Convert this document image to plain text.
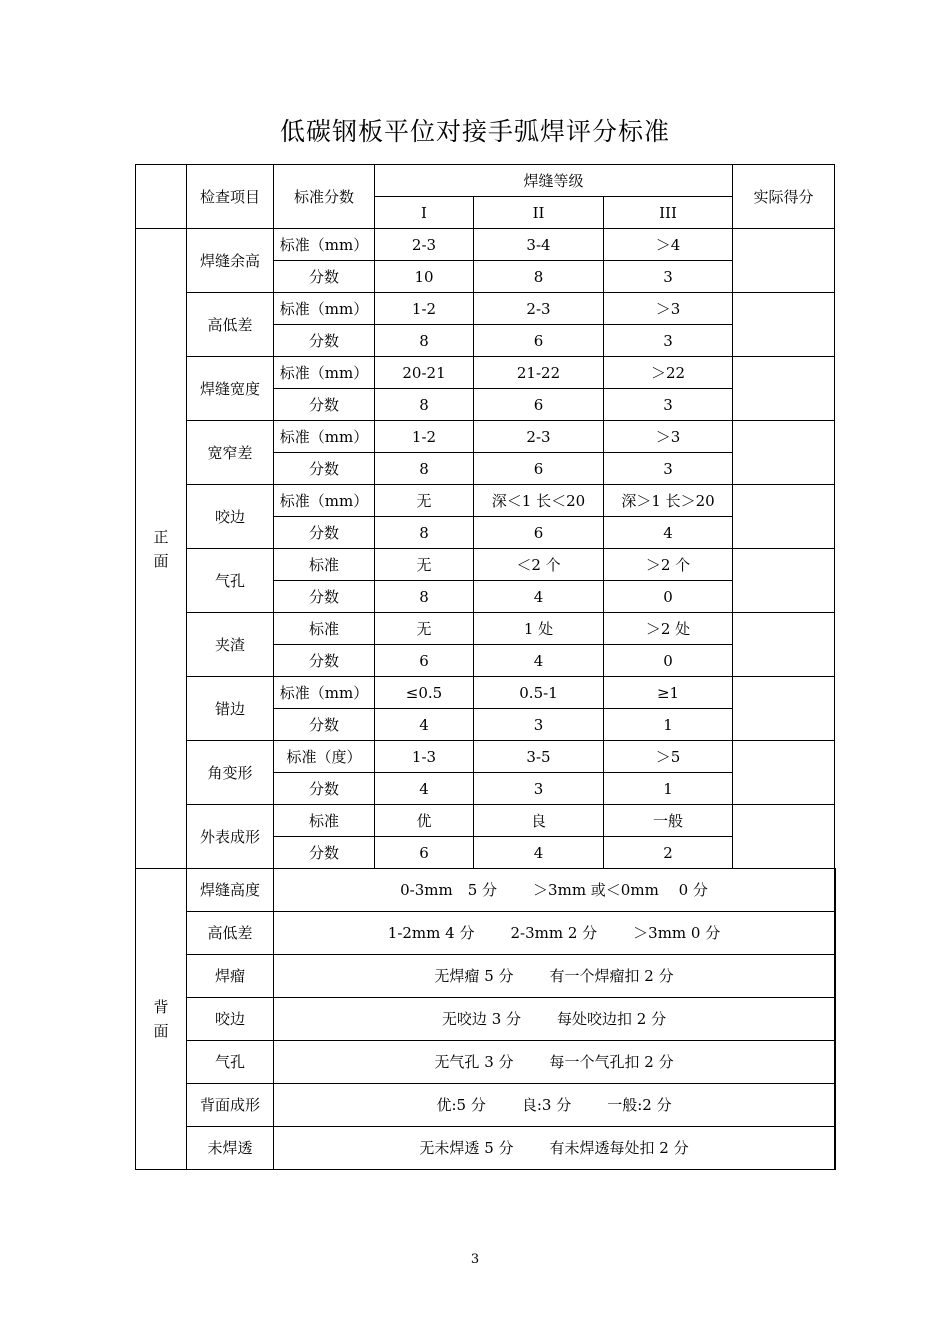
低碳钢板平位对接手弧焊评分标准
	检查项目	标准分数	焊缝等级			实际得分	
			I	II	III		

正
面	焊缝余高	标准（mm）	2-3	3-4	＞4		
		分数	10	8	3		
	高低差	标准（mm）	1-2	2-3	＞3		
		分数	8	6	3		
	焊缝宽度	标准（mm）	20-21	21-22	＞22		
		分数	8	6	3		
	宽窄差	标准（mm）	1-2	2-3	＞3		
		分数	8	6	3		
	咬边	标准（mm）	无	深＜1 长＜20	深＞1 长＞20		
		分数	8	6	4		
	气孔	标准	无	＜2 个	＞2 个		
		分数	8	4	0		
	夹渣	标准	无	1 处	＞2 处		
		分数	6	4	0		
	错边	标准（mm）	≤0.5	0.5-1	≥1		
		分数	4	3	1		
	角变形	标准（度）	1-3	3-5	＞5		
		分数	4	3	1		
	外表成形	标准	优	良	一般		
		分数	6	4	2		

背
面	焊缝高度	0-3mm　5 分 ＞3mm 或＜0mm　 0 分					
	高低差	1-2mm 4 分 2-3mm 2 分 ＞3mm 0 分					
	焊瘤	无焊瘤 5 分 有一个焊瘤扣 2 分					
	咬边	无咬边 3 分 每处咬边扣 2 分					
	气孔	无气孔 3 分 每一个气孔扣 2 分					
	背面成形	优:5 分 良:3 分 一般:2 分					
	未焊透	无未焊透 5 分 有未焊透每处扣 2 分					
3
